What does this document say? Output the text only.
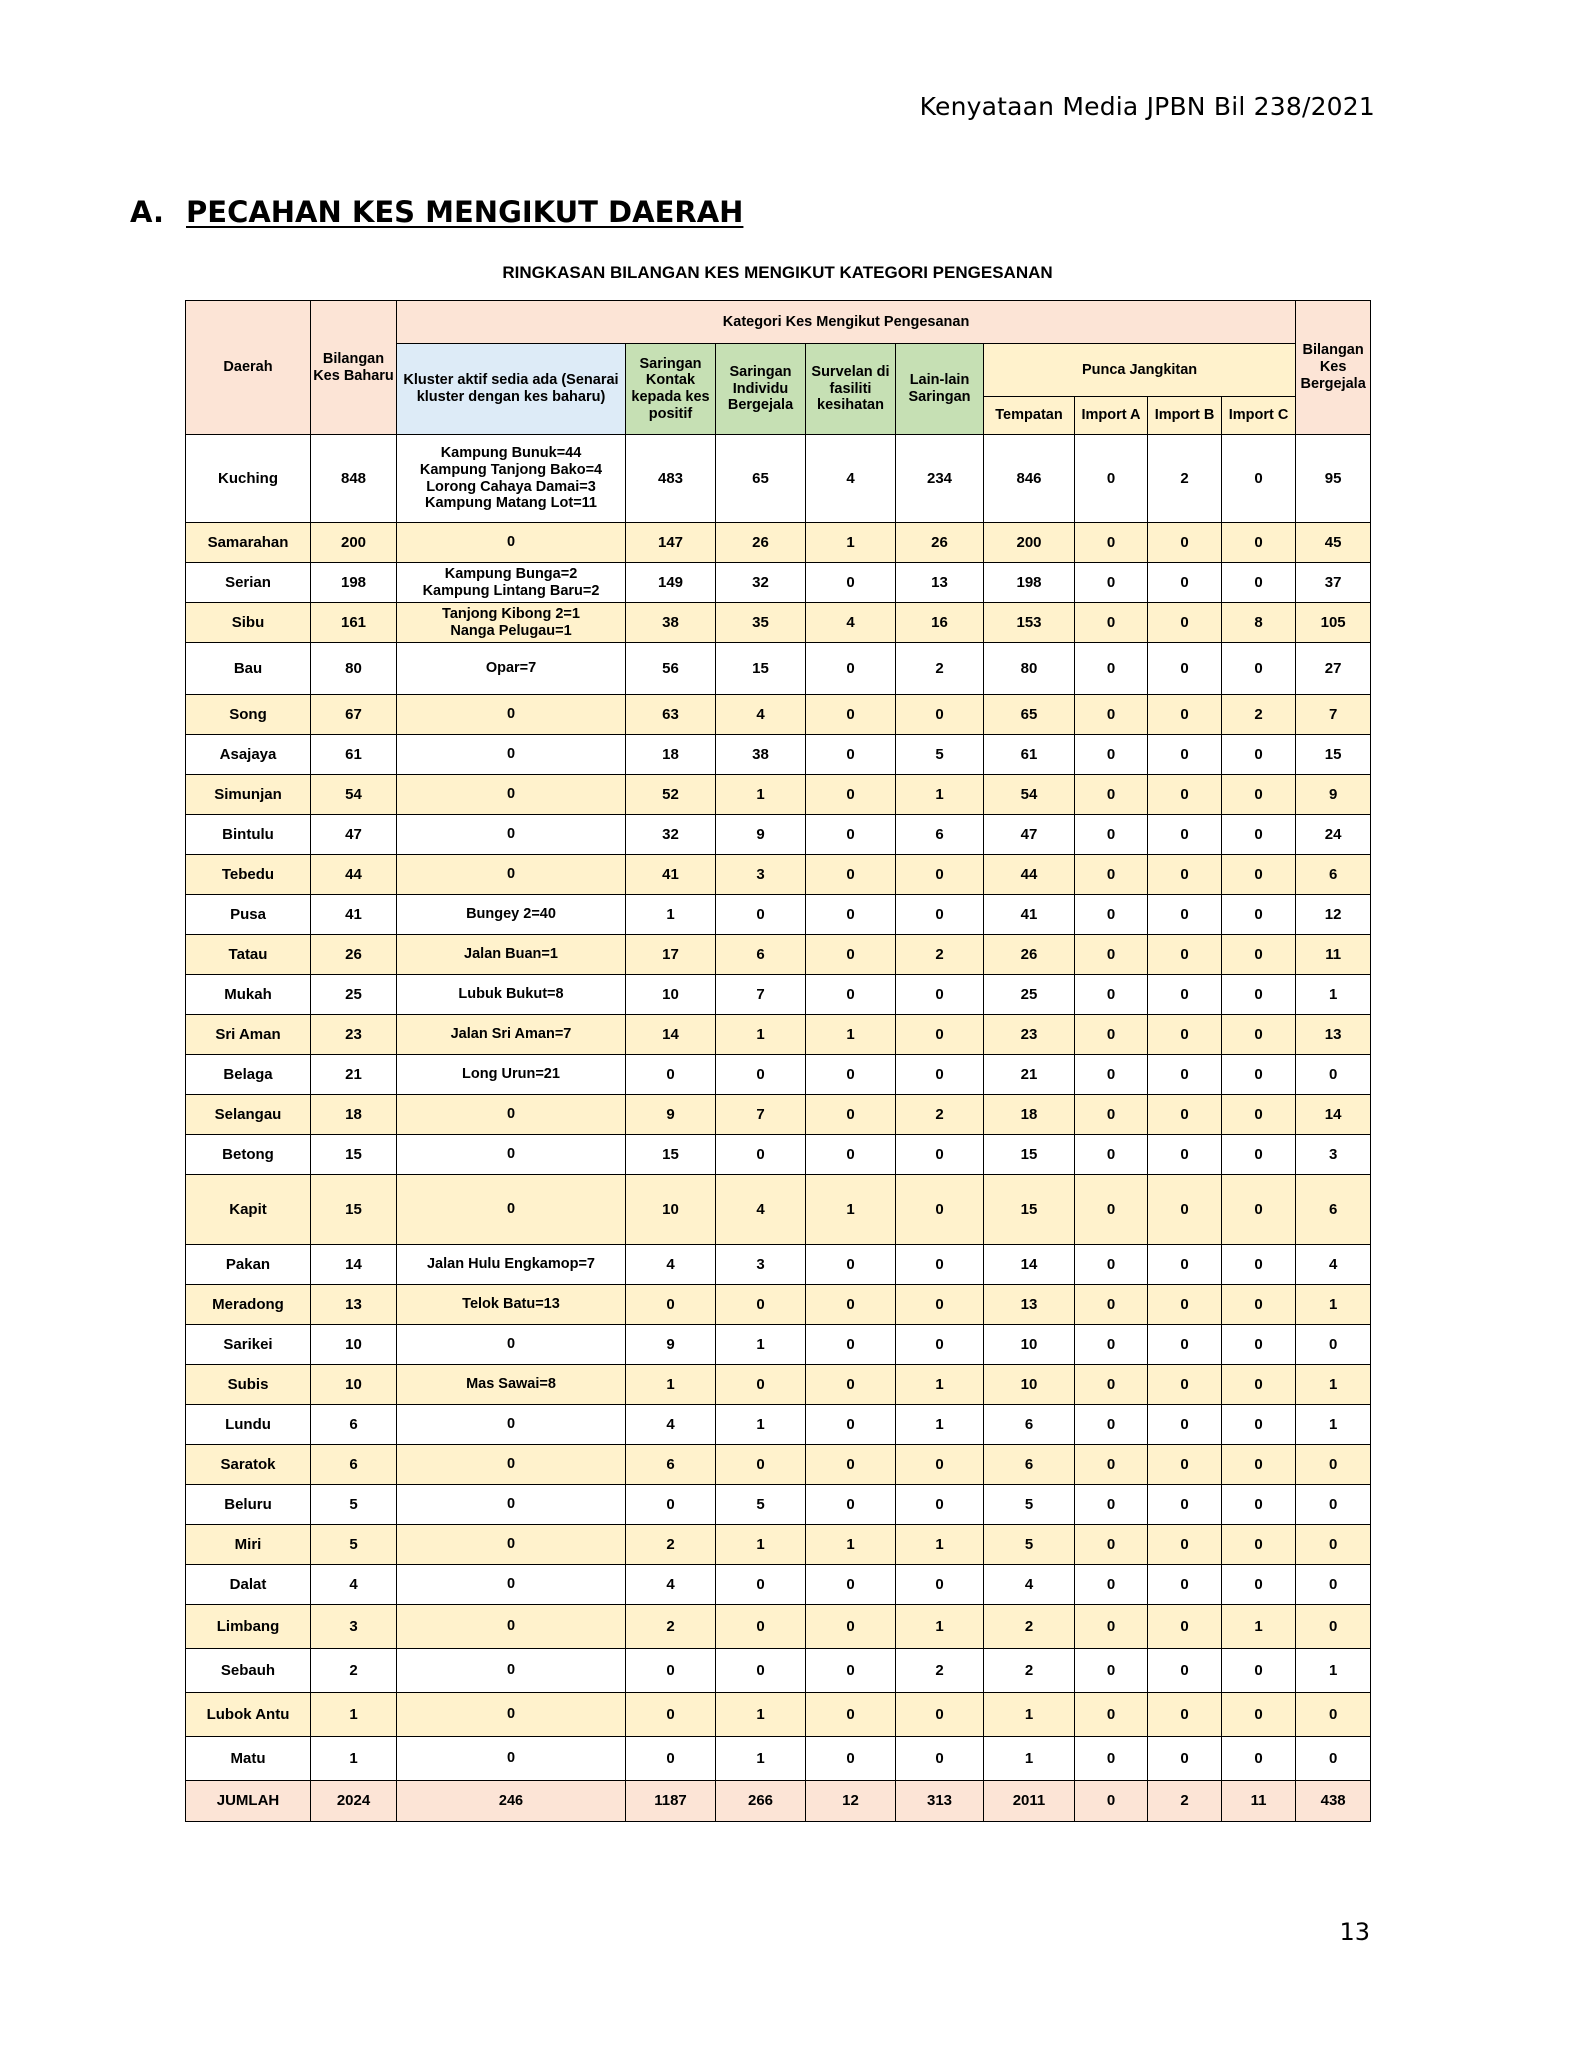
Kenyataan Media JPBN Bil 238/2021
A. PECAHAN KES MENGIKUT DAERAH
RINGKASAN BILANGAN KES MENGIKUT KATEGORI PENGESANAN
Daerah	Bilangan Kes Baharu	Kategori Kes Mengikut Pengesanan									Bilangan Kes Bergejala
		Kluster aktif sedia ada (Senarai kluster dengan kes baharu)	Saringan Kontak kepada kes positif	Saringan Individu Bergejala	Survelan di fasiliti kesihatan	Lain-lain Saringan	Punca Jangkitan				
							Tempatan	Import A	Import B	Import C	
Kuching	848	Kampung Bunuk=44
Kampung Tanjong Bako=4
Lorong Cahaya Damai=3
Kampung Matang Lot=11	483	65	4	234	846	0	2	0	95
Samarahan	200	0	147	26	1	26	200	0	0	0	45
Serian	198	Kampung Bunga=2
Kampung Lintang Baru=2	149	32	0	13	198	0	0	0	37
Sibu	161	Tanjong Kibong 2=1
Nanga Pelugau=1	38	35	4	16	153	0	0	8	105
Bau	80	Opar=7	56	15	0	2	80	0	0	0	27
Song	67	0	63	4	0	0	65	0	0	2	7
Asajaya	61	0	18	38	0	5	61	0	0	0	15
Simunjan	54	0	52	1	0	1	54	0	0	0	9
Bintulu	47	0	32	9	0	6	47	0	0	0	24
Tebedu	44	0	41	3	0	0	44	0	0	0	6
Pusa	41	Bungey 2=40	1	0	0	0	41	0	0	0	12
Tatau	26	Jalan Buan=1	17	6	0	2	26	0	0	0	11
Mukah	25	Lubuk Bukut=8	10	7	0	0	25	0	0	0	1
Sri Aman	23	Jalan Sri Aman=7	14	1	1	0	23	0	0	0	13
Belaga	21	Long Urun=21	0	0	0	0	21	0	0	0	0
Selangau	18	0	9	7	0	2	18	0	0	0	14
Betong	15	0	15	0	0	0	15	0	0	0	3
Kapit	15	0	10	4	1	0	15	0	0	0	6
Pakan	14	Jalan Hulu Engkamop=7	4	3	0	0	14	0	0	0	4
Meradong	13	Telok Batu=13	0	0	0	0	13	0	0	0	1
Sarikei	10	0	9	1	0	0	10	0	0	0	0
Subis	10	Mas Sawai=8	1	0	0	1	10	0	0	0	1
Lundu	6	0	4	1	0	1	6	0	0	0	1
Saratok	6	0	6	0	0	0	6	0	0	0	0
Beluru	5	0	0	5	0	0	5	0	0	0	0
Miri	5	0	2	1	1	1	5	0	0	0	0
Dalat	4	0	4	0	0	0	4	0	0	0	0
Limbang	3	0	2	0	0	1	2	0	0	1	0
Sebauh	2	0	0	0	0	2	2	0	0	0	1
Lubok Antu	1	0	0	1	0	0	1	0	0	0	0
Matu	1	0	0	1	0	0	1	0	0	0	0
JUMLAH	2024	246	1187	266	12	313	2011	0	2	11	438
13
